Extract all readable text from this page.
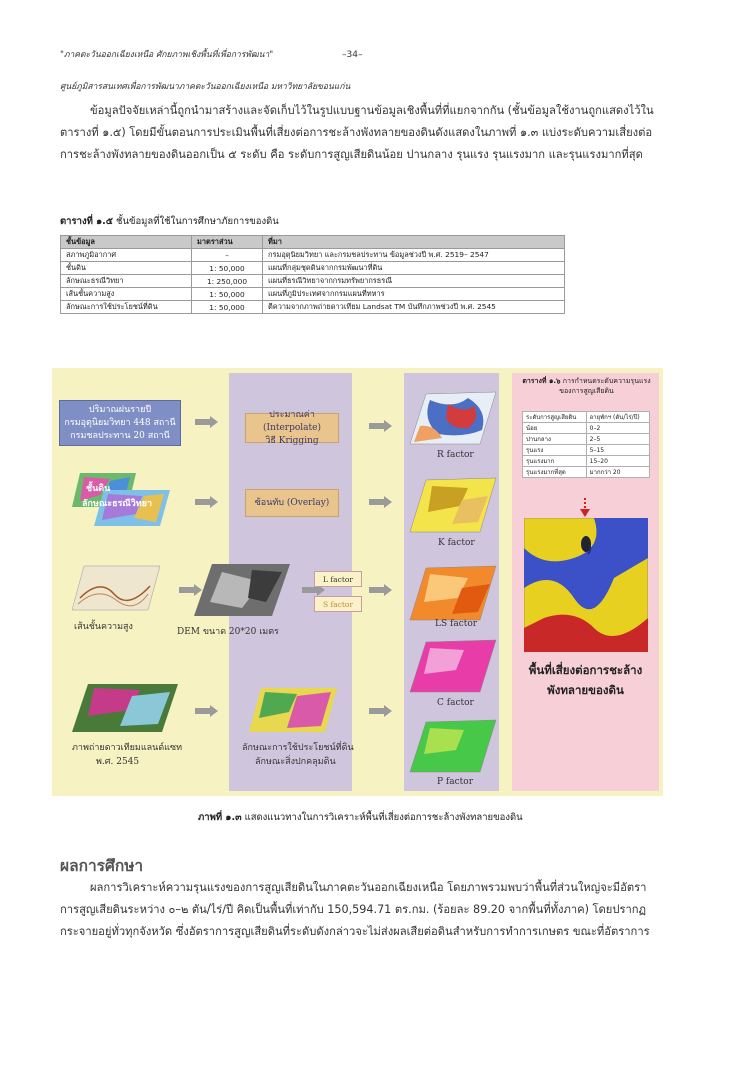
"ภาคตะวันออกเฉียงเหนือ ศักยภาพเชิงพื้นที่เพื่อการพัฒนา"	–34–
ศูนย์ภูมิสารสนเทศเพื่อการพัฒนาภาคตะวันออกเฉียงเหนือ มหาวิทยาลัยขอนแก่น
ข้อมูลปัจจัยเหล่านี้ถูกนำมาสร้างและจัดเก็บไว้ในรูปแบบฐานข้อมูลเชิงพื้นที่ที่แยกจากกัน (ชั้นข้อมูลใช้งานถูกแสดงไว้ใน
ตารางที่ ๑.๕) โดยมีขั้นตอนการประเมินพื้นที่เสี่ยงต่อการชะล้างพังทลายของดินดังแสดงในภาพที่ ๑.๓ แบ่งระดับความเสี่ยงต่อ
การชะล้างพังทลายของดินออกเป็น ๕ ระดับ คือ ระดับการสูญเสียดินน้อย ปานกลาง รุนแรง รุนแรงมาก และรุนแรงมากที่สุด
ตารางที่ ๑.๕ ชั้นข้อมูลที่ใช้ในการศึกษาภัยการของดิน
ชั้นข้อมูล	มาตราส่วน	ที่มา
สภาพภูมิอากาศ	–	กรมอุตุนิยมวิทยา และกรมชลประทาน ข้อมูลช่วงปี พ.ศ. 2519– 2547
ชั้นดิน	1: 50,000	แผนที่กลุ่มชุดดินจากกรมพัฒนาที่ดิน
ลักษณะธรณีวิทยา	1: 250,000	แผนที่ธรณีวิทยาจากกรมทรัพยากรธรณี
เส้นชั้นความสูง	1: 50,000	แผนที่ภูมิประเทศจากกรมแผนที่ทหาร
ลักษณะการใช้ประโยชน์ที่ดิน	1: 50,000	ตีความจากภาพถ่ายดาวเทียม Landsat TM บันทึกภาพช่วงปี พ.ศ. 2545
ปริมาณฝนรายปี
กรมอุตุนิยมวิทยา 448 สถานี
กรมชลประทาน 20 สถานี
ประมาณค่า (Interpolate)
วิธี Krigging
R factor
ชั้นดิน
ลักษณะธรณีวิทยา	ซ้อนทับ (Overlay)
K factor
เส้นชั้นความสูง	DEM ขนาด 20*20 เมตร
L factor
S factor
LS factor
ภาพถ่ายดาวเทียมแลนด์แซท
พ.ศ. 2545
ลักษณะการใช้ประโยชน์ที่ดิน
ลักษณะสิ่งปกคลุมดิน
C factor
P factor
ตารางที่ ๑.๖ การกำหนดระดับความรุนแรง ของการสูญเสียดิน
ระดับการสูญเสียดิน	อายุพักฯ (ตัน/ไร่/ปี)
น้อย	0–2
ปานกลาง	2–5
รุนแรง	5–15
รุนแรงมาก	15–20
รุนแรงมากที่สุด	มากกว่า 20
พื้นที่เสี่ยงต่อการชะล้าง
พังทลายของดิน
ภาพที่ ๑.๓ แสดงแนวทางในการวิเคราะห์พื้นที่เสี่ยงต่อการชะล้างพังทลายของดิน
ผลการศึกษา
ผลการวิเคราะห์ความรุนแรงของการสูญเสียดินในภาคตะวันออกเฉียงเหนือ โดยภาพรวมพบว่าพื้นที่ส่วนใหญ่จะมีอัตรา
การสูญเสียดินระหว่าง ๐–๒ ตัน/ไร่/ปี คิดเป็นพื้นที่เท่ากับ 150,594.71 ตร.กม. (ร้อยละ 89.20 จากพื้นที่ทั้งภาค) โดยปรากฏ
กระจายอยู่ทั่วทุกจังหวัด ซึ่งอัตราการสูญเสียดินที่ระดับดังกล่าวจะไม่ส่งผลเสียต่อดินสำหรับการทำการเกษตร ขณะที่อัตราการ
